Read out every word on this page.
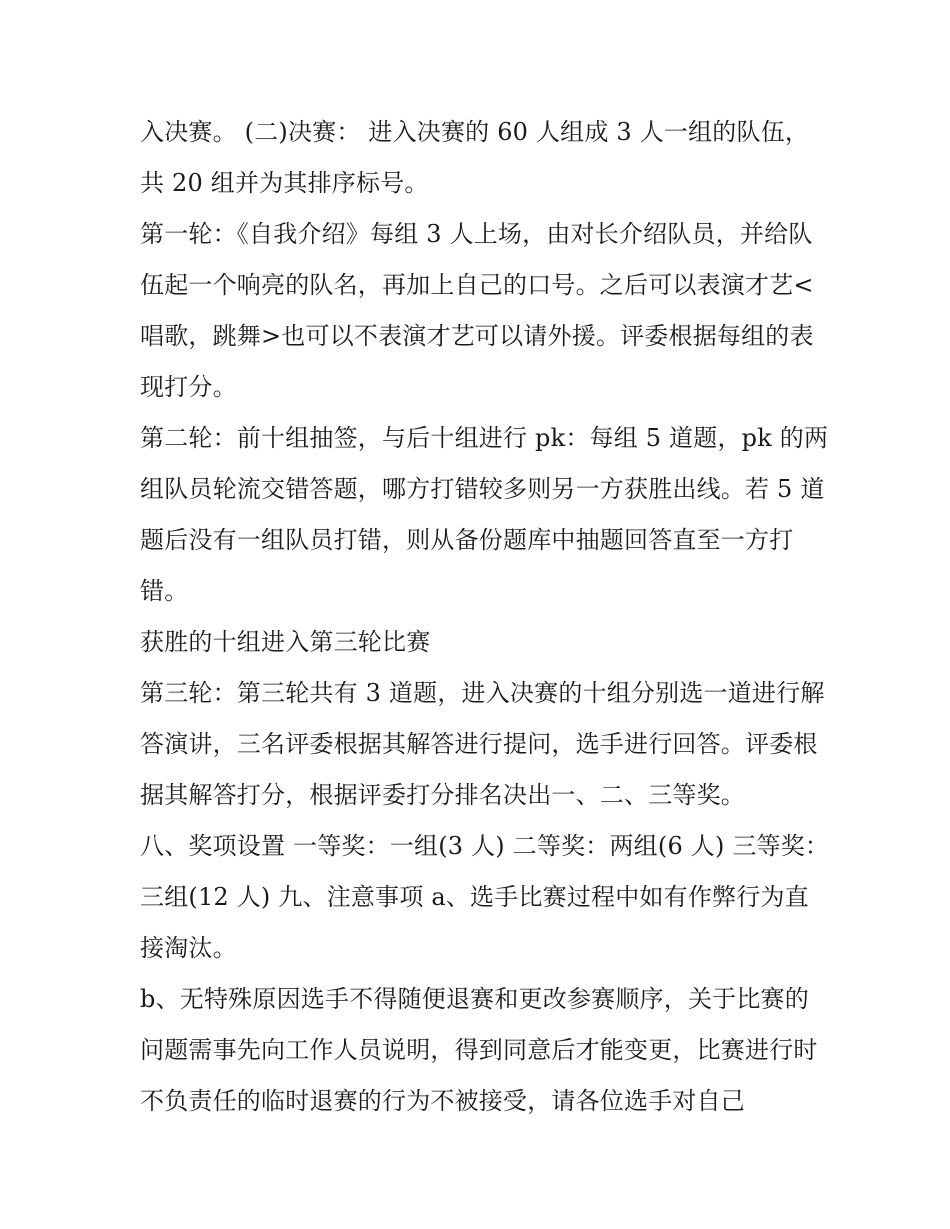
入决赛。 (二)决赛： 进入决赛的 60 人组成 3 人一组的队伍，共 20 组并为其排序标号。

第一轮：《自我介绍》每组 3 人上场，由对长介绍队员，并给队伍起一个响亮的队名，再加上自己的口号。之后可以表演才艺<唱歌，跳舞>也可以不表演才艺可以请外援。评委根据每组的表现打分。

第二轮：前十组抽签，与后十组进行 pk：每组 5 道题，pk 的两组队员轮流交错答题，哪方打错较多则另一方获胜出线。若 5 道题后没有一组队员打错，则从备份题库中抽题回答直至一方打错。

获胜的十组进入第三轮比赛

第三轮：第三轮共有 3 道题，进入决赛的十组分别选一道进行解答演讲，三名评委根据其解答进行提问，选手进行回答。评委根据其解答打分，根据评委打分排名决出一、二、三等奖。

八、奖项设置 一等奖：一组(3 人) 二等奖：两组(6 人) 三等奖：三组(12 人) 九、注意事项 a、选手比赛过程中如有作弊行为直接淘汰。

b、无特殊原因选手不得随便退赛和更改参赛顺序，关于比赛的问题需事先向工作人员说明，得到同意后才能变更，比赛进行时不负责任的临时退赛的行为不被接受，请各位选手对自己
